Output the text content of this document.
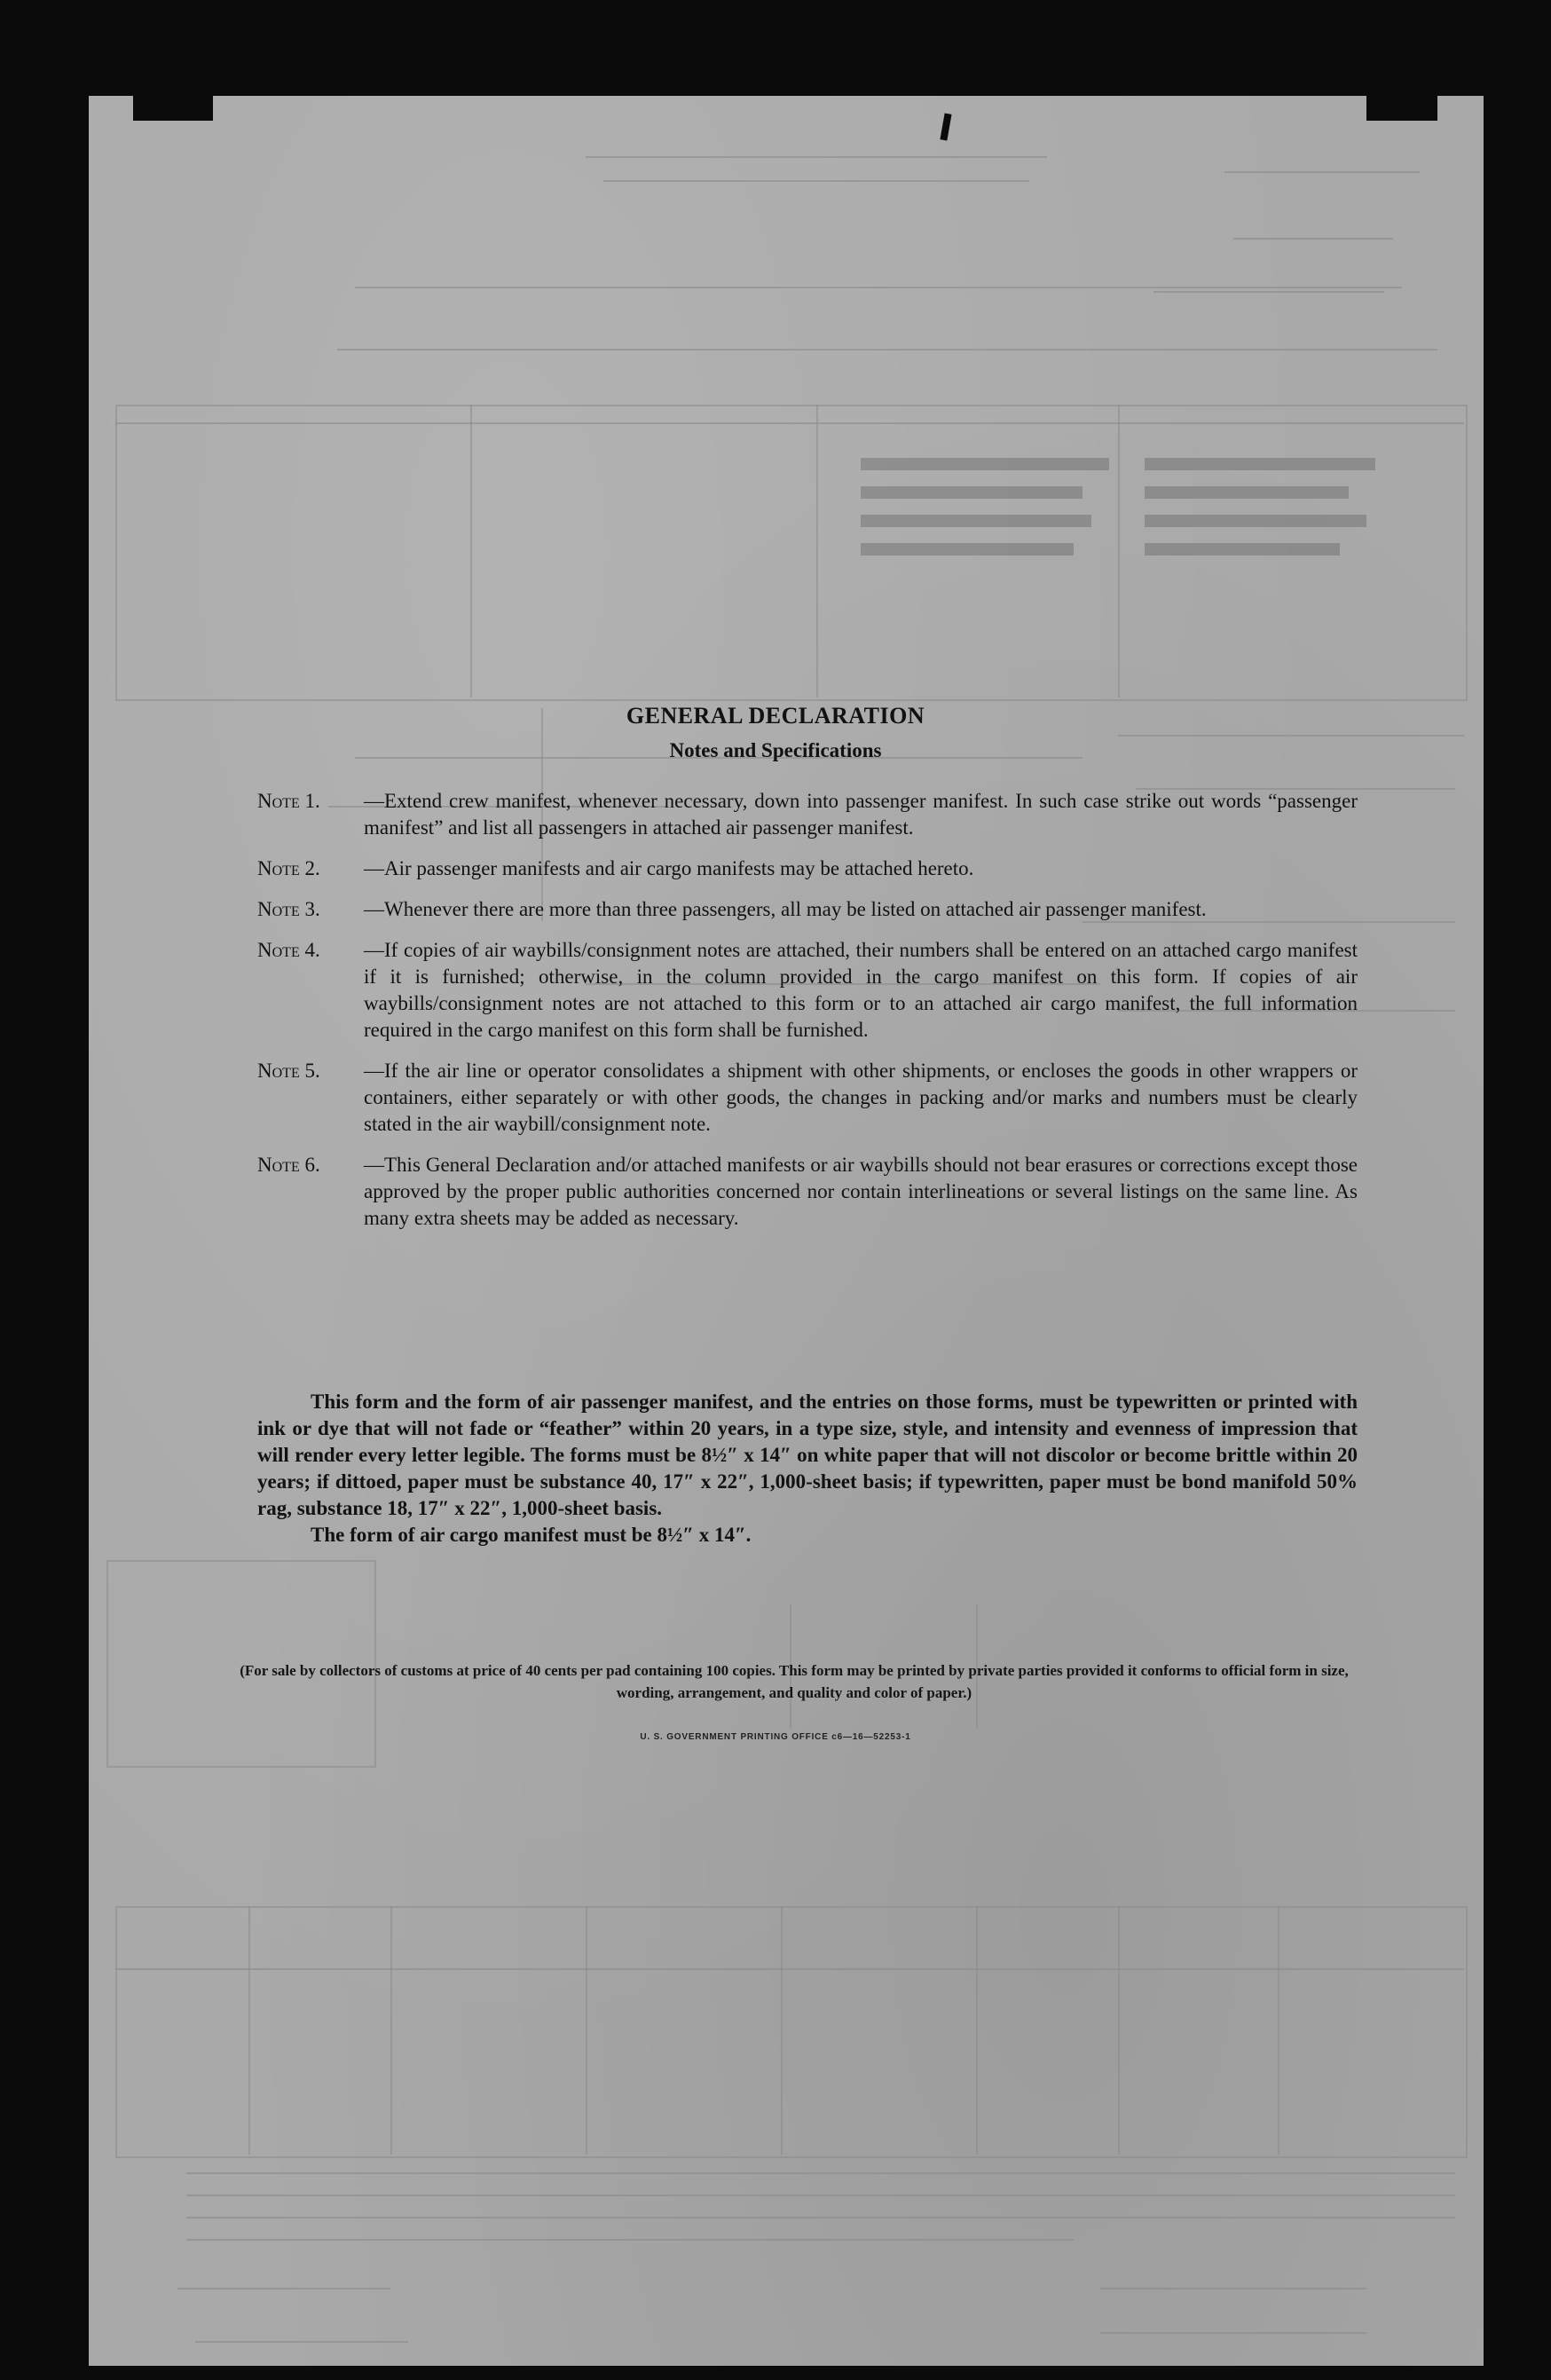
GENERAL DECLARATION
Notes and Specifications
Note 1.	—Extend crew manifest, whenever necessary, down into passenger manifest. In such case strike out words “passenger manifest” and list all passengers in attached air passenger manifest.
Note 2.	—Air passenger manifests and air cargo manifests may be attached hereto.
Note 3.	—Whenever there are more than three passengers, all may be listed on attached air passenger manifest.
Note 4.	—If copies of air waybills/consignment notes are attached, their numbers shall be entered on an attached cargo manifest if it is furnished; otherwise, in the column provided in the cargo manifest on this form. If copies of air waybills/consignment notes are not attached to this form or to an attached air cargo manifest, the full information required in the cargo manifest on this form shall be furnished.
Note 5.	—If the air line or operator consolidates a shipment with other shipments, or encloses the goods in other wrappers or containers, either separately or with other goods, the changes in packing and/or marks and numbers must be clearly stated in the air waybill/consignment note.
Note 6.	—This General Declaration and/or attached manifests or air waybills should not bear erasures or corrections except those approved by the proper public authorities concerned nor contain interlineations or several listings on the same line. As many extra sheets may be added as necessary.

This form and the form of air passenger manifest, and the entries on those forms, must be typewritten or printed with ink or dye that will not fade or “feather” within 20 years, in a type size, style, and intensity and evenness of impression that will render every letter legible. The forms must be 8½″ x 14″ on white paper that will not discolor or become brittle within 20 years; if dittoed, paper must be substance 40, 17″ x 22″, 1,000-sheet basis; if typewritten, paper must be bond manifold 50% rag, substance 18, 17″ x 22″, 1,000-sheet basis.

The form of air cargo manifest must be 8½″ x 14″.

(For sale by collectors of customs at price of 40 cents per pad containing 100 copies. This form may be printed by private parties provided it conforms to official form in size, wording, arrangement, and quality and color of paper.)
U. S. GOVERNMENT PRINTING OFFICE c6—16—52253-1
